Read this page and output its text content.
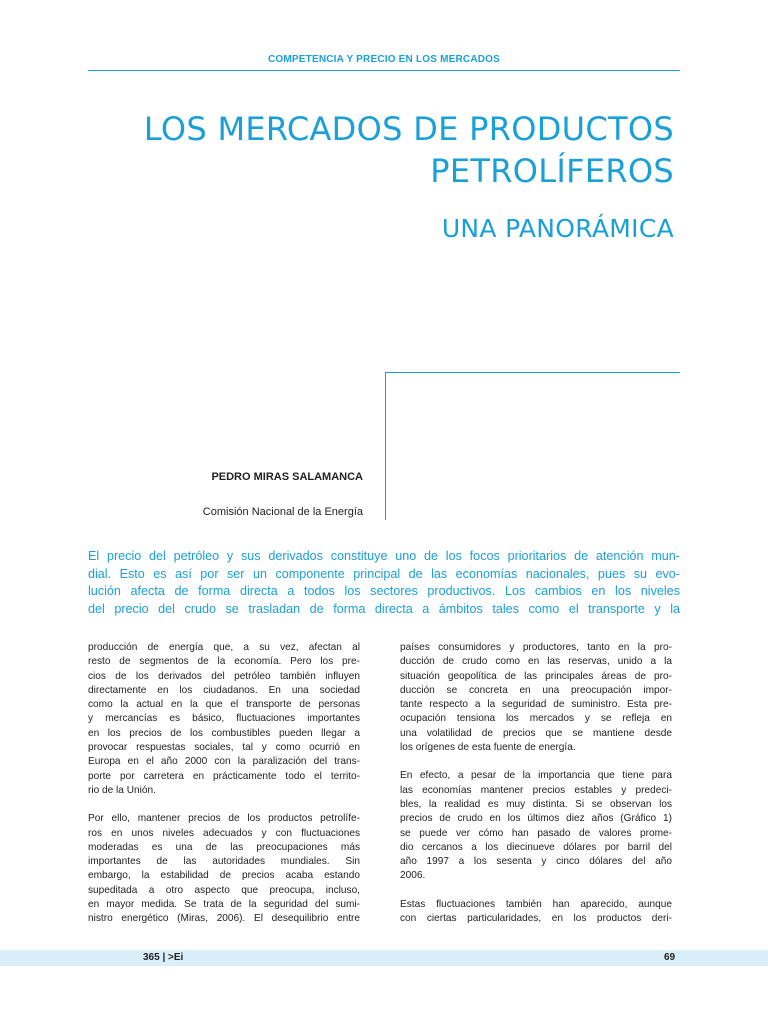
COMPETENCIA Y PRECIO EN LOS MERCADOS
LOS MERCADOS DE PRODUCTOS
PETROLÍFEROS
UNA PANORÁMICA
PEDRO MIRAS SALAMANCA
Comisión Nacional de la Energía
El precio del petróleo y sus derivados constituye uno de los focos prioritarios de atención mun-
dial. Esto es así por ser un componente principal de las economías nacionales, pues su evo-
lución afecta de forma directa a todos los sectores productivos. Los cambios en los niveles
del precio del crudo se trasladan de forma directa a ámbitos tales como el transporte y la
producción de energía que, a su vez, afectan al
resto de segmentos de la economía. Pero los pre-
cios de los derivados del petróleo también influyen
directamente en los ciudadanos. En una sociedad
como la actual en la que el transporte de personas
y mercancías es básico, fluctuaciones importantes
en los precios de los combustibles pueden llegar a
provocar respuestas sociales, tal y como ocurrió en
Europa en el año 2000 con la paralización del trans-
porte por carretera en prácticamente todo el territo-
rio de la Unión.
Por ello, mantener precios de los productos petrolífe-
ros en unos niveles adecuados y con fluctuaciones
moderadas es una de las preocupaciones más
importantes de las autoridades mundiales. Sin
embargo, la estabilidad de precios acaba estando
supeditada a otro aspecto que preocupa, incluso,
en mayor medida. Se trata de la seguridad del sumi-
nistro energético (Miras, 2006). El desequilibrio entre
países consumidores y productores, tanto en la pro-
ducción de crudo como en las reservas, unido a la
situación geopolítica de las principales áreas de pro-
ducción se concreta en una preocupación impor-
tante respecto a la seguridad de suministro. Esta pre-
ocupación tensiona los mercados y se refleja en
una volatilidad de precios que se mantiene desde
los orígenes de esta fuente de energía.
En efecto, a pesar de la importancia que tiene para
las economías mantener precios estables y predeci-
bles, la realidad es muy distinta. Si se observan los
precios de crudo en los últimos diez años (Gráfico 1)
se puede ver cómo han pasado de valores prome-
dio cercanos a los diecinueve dólares por barril del
año 1997 a los sesenta y cinco dólares del año
2006.
Estas fluctuaciones también han aparecido, aunque
con ciertas particularidades, en los productos deri-
365 | >Ei	69
